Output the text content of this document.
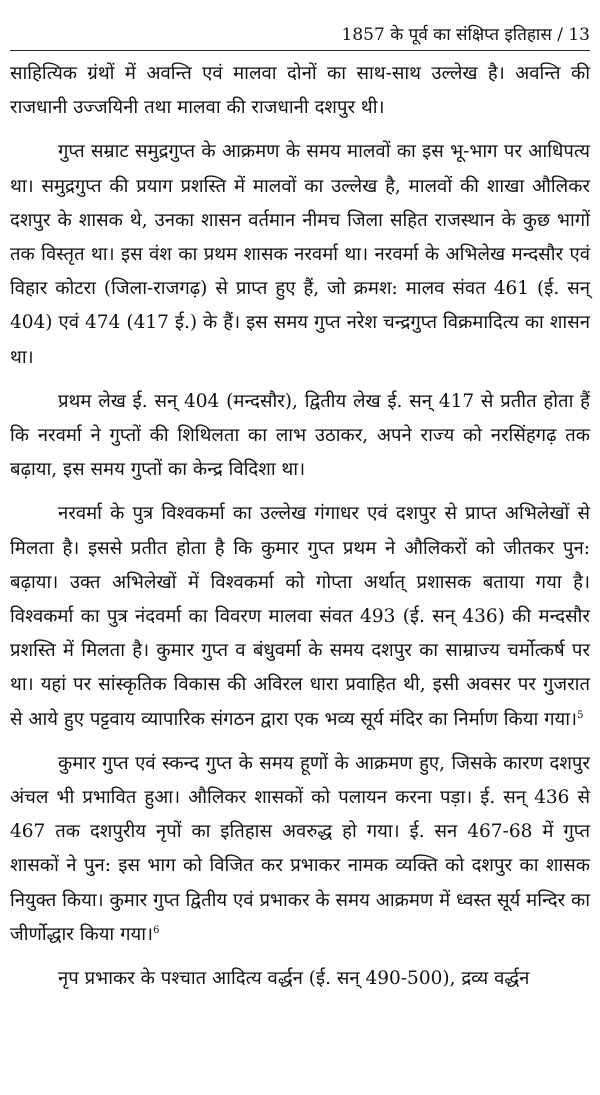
1857 के पूर्व का संक्षिप्त इतिहास / 13

साहित्यिक ग्रंथों में अवन्ति एवं मालवा दोनों का साथ-साथ उल्लेख है। अवन्ति की राजधानी उज्जयिनी तथा मालवा की राजधानी दशपुर थी।

गुप्त सम्राट समुद्रगुप्त के आक्रमण के समय मालवों का इस भू-भाग पर आधिपत्य था। समुद्रगुप्त की प्रयाग प्रशस्ति में मालवों का उल्लेख है, मालवों की शाखा औलिकर दशपुर के शासक थे, उनका शासन वर्तमान नीमच जिला सहित राजस्थान के कुछ भागों तक विस्तृत था। इस वंश का प्रथम शासक नरवर्मा था। नरवर्मा के अभिलेख मन्दसौर एवं विहार कोटरा (जिला-राजगढ़) से प्राप्त हुए हैं, जो क्रमश: मालव संवत 461 (ई. सन् 404) एवं 474 (417 ई.) के हैं। इस समय गुप्त नरेश चन्द्रगुप्त विक्रमादित्य का शासन था।

प्रथम लेख ई. सन् 404 (मन्दसौर), द्वितीय लेख ई. सन् 417 से प्रतीत होता हैं कि नरवर्मा ने गुप्तों की शिथिलता का लाभ उठाकर, अपने राज्य को नरसिंहगढ़ तक बढ़ाया, इस समय गुप्तों का केन्द्र विदिशा था।

नरवर्मा के पुत्र विश्वकर्मा का उल्लेख गंगाधर एवं दशपुर से प्राप्त अभिलेखों से मिलता है। इससे प्रतीत होता है कि कुमार गुप्त प्रथम ने औलिकरों को जीतकर पुन: बढ़ाया। उक्त अभिलेखों में विश्वकर्मा को गोप्ता अर्थात् प्रशासक बताया गया है। विश्वकर्मा का पुत्र नंदवर्मा का विवरण मालवा संवत 493 (ई. सन् 436) की मन्दसौर प्रशस्ति में मिलता है। कुमार गुप्त व बंधुवर्मा के समय दशपुर का साम्राज्य चर्मोत्कर्ष पर था। यहां पर सांस्कृतिक विकास की अविरल धारा प्रवाहित थी, इसी अवसर पर गुजरात से आये हुए पट्टवाय व्यापारिक संगठन द्वारा एक भव्य सूर्य मंदिर का निर्माण किया गया।$^5$

कुमार गुप्त एवं स्कन्द गुप्त के समय हूणों के आक्रमण हुए, जिसके कारण दशपुर अंचल भी प्रभावित हुआ। औलिकर शासकों को पलायन करना पड़ा। ई. सन् 436 से 467 तक दशपुरीय नृपों का इतिहास अवरुद्ध हो गया। ई. सन 467-68 में गुप्त शासकों ने पुन: इस भाग को विजित कर प्रभाकर नामक व्यक्ति को दशपुर का शासक नियुक्त किया। कुमार गुप्त द्वितीय एवं प्रभाकर के समय आक्रमण में ध्वस्त सूर्य मन्दिर का जीर्णोद्धार किया गया।$^6$

नृप प्रभाकर के पश्चात आदित्य वर्द्धन (ई. सन् 490-500), द्रव्य वर्द्धन
